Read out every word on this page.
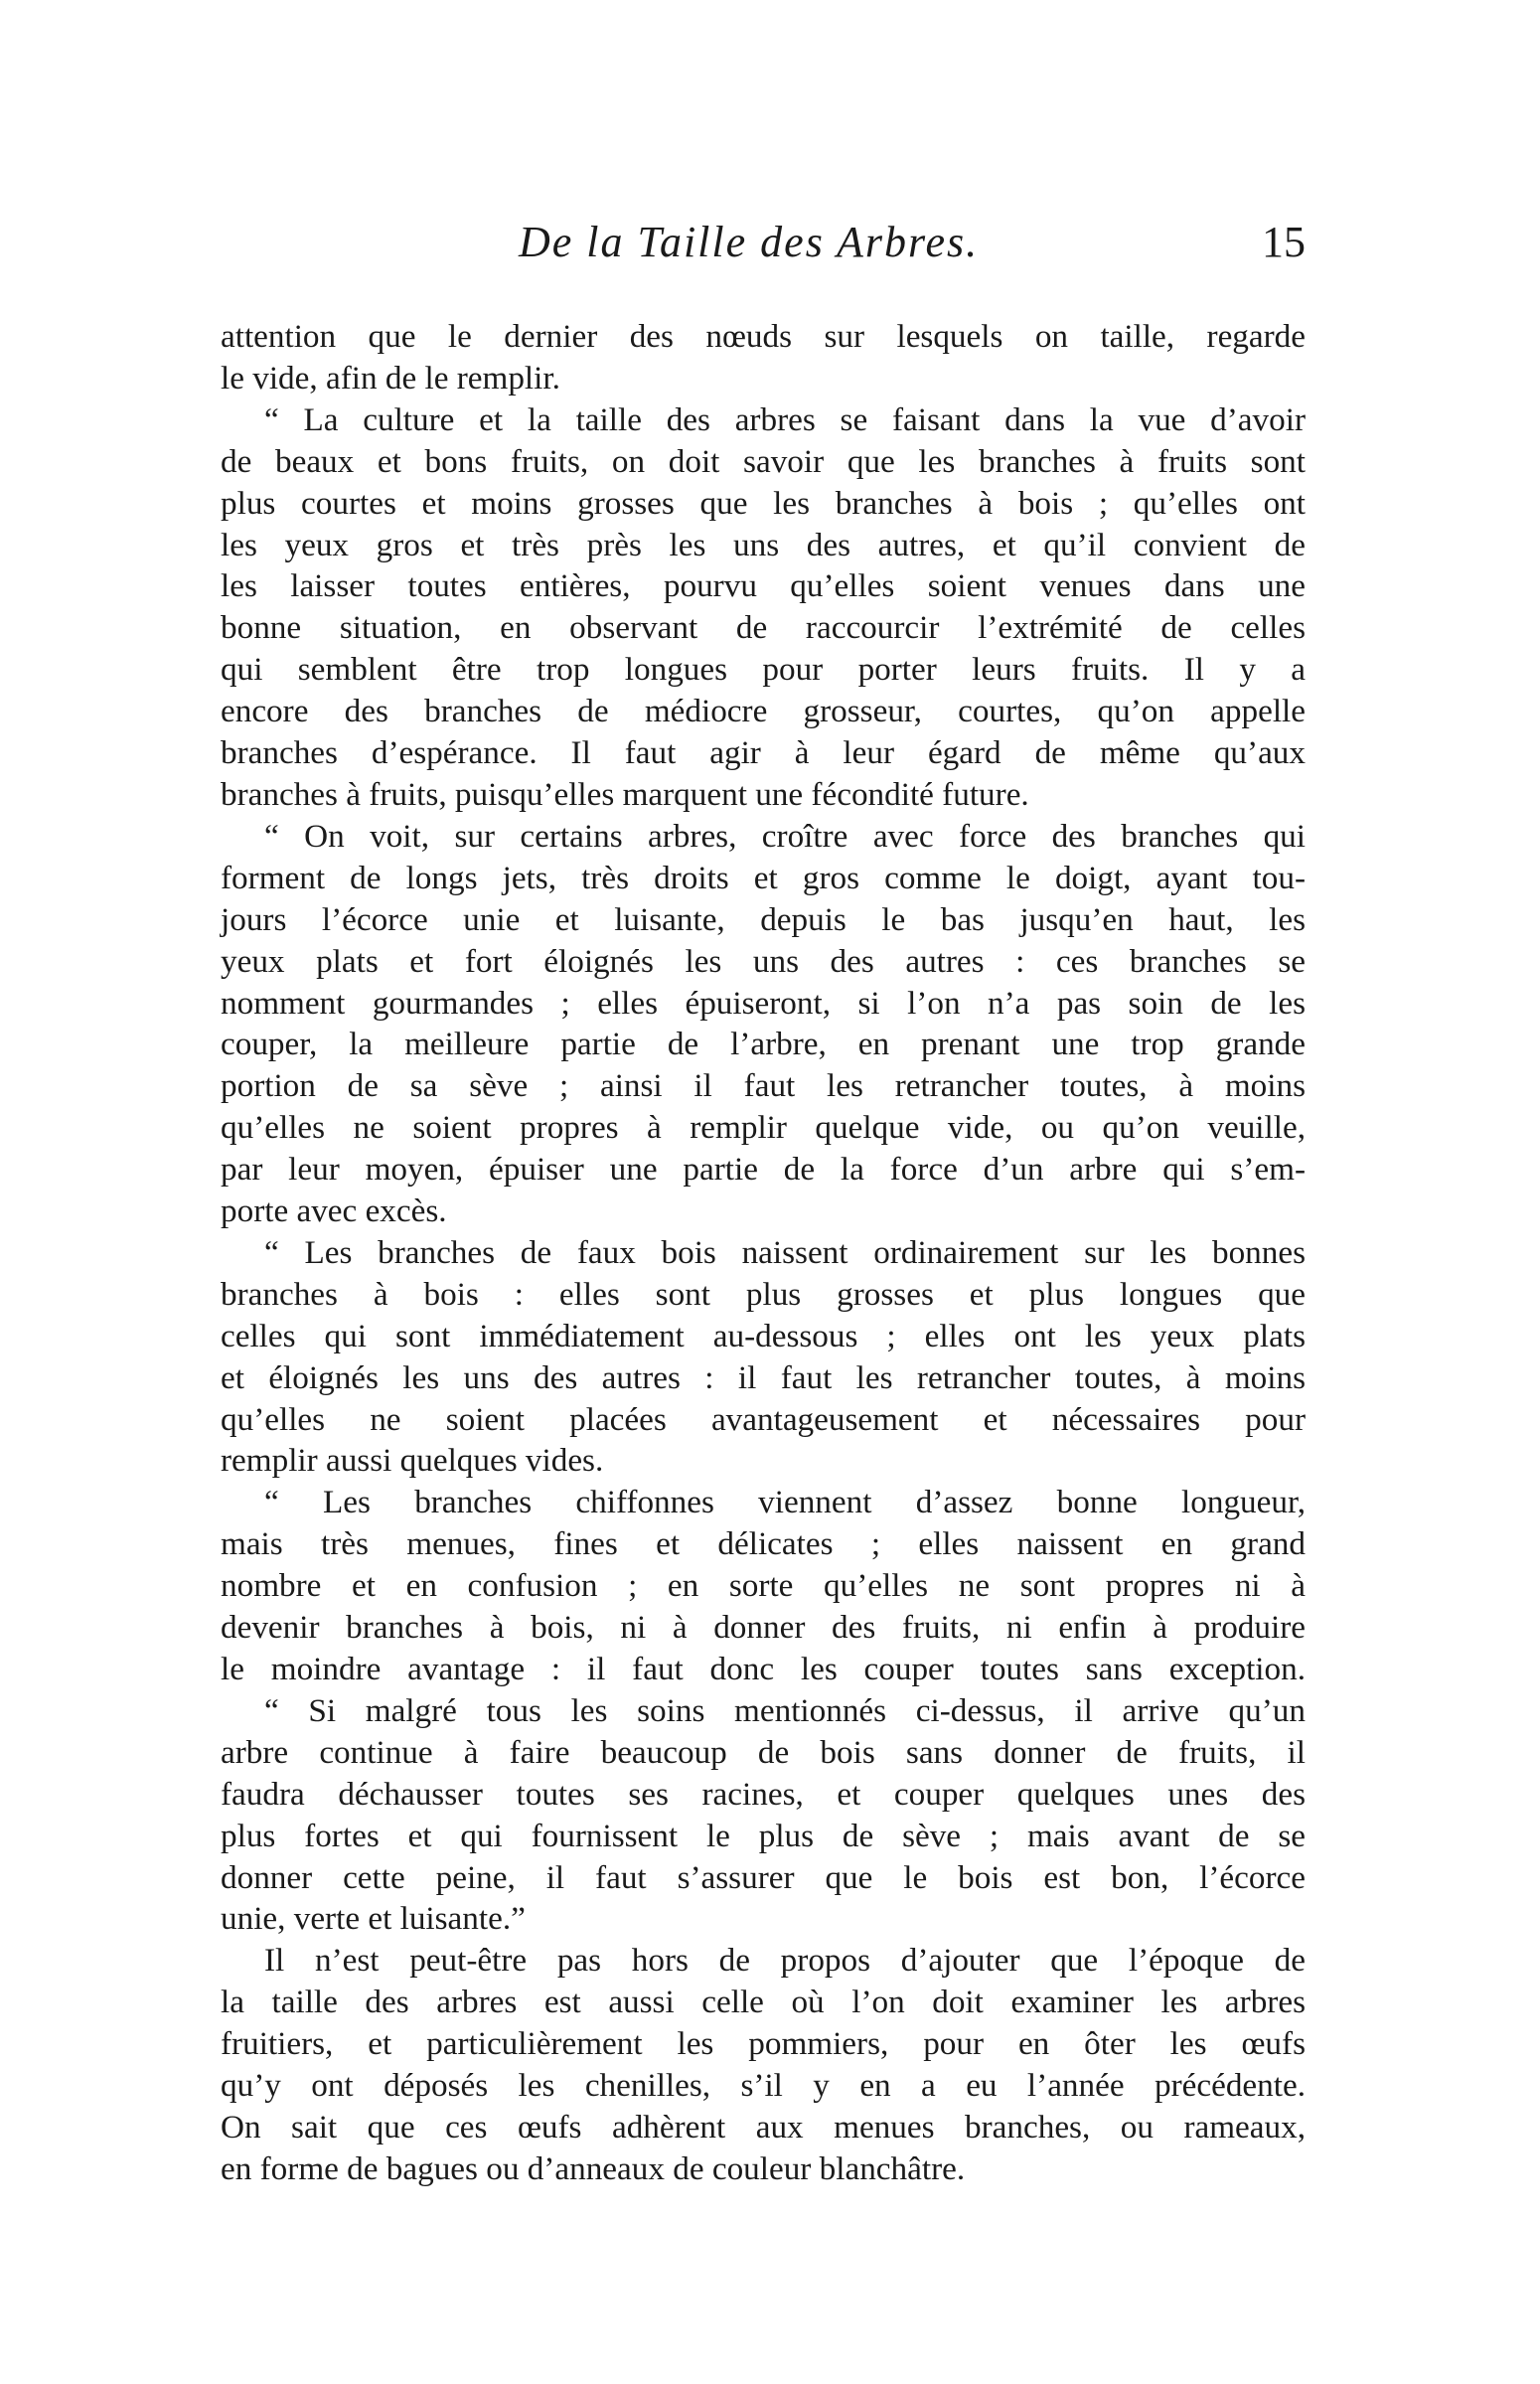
De la Taille des Arbres.	15
attention que le dernier des nœuds sur lesquels on taille, regarde
le vide, afin de le remplir.
“ La culture et la taille des arbres se faisant dans la vue d’avoir
de beaux et bons fruits, on doit savoir que les branches à fruits sont
plus courtes et moins grosses que les branches à bois ; qu’elles ont
les yeux gros et très près les uns des autres, et qu’il convient de
les laisser toutes entières, pourvu qu’elles soient venues dans une
bonne situation, en observant de raccourcir l’extrémité de celles
qui semblent être trop longues pour porter leurs fruits. Il y a
encore des branches de médiocre grosseur, courtes, qu’on appelle
branches d’espérance. Il faut agir à leur égard de même qu’aux
branches à fruits, puisqu’elles marquent une fécondité future.
“ On voit, sur certains arbres, croître avec force des branches qui
forment de longs jets, très droits et gros comme le doigt, ayant tou-
jours l’écorce unie et luisante, depuis le bas jusqu’en haut, les
yeux plats et fort éloignés les uns des autres : ces branches se
nomment gourmandes ; elles épuiseront, si l’on n’a pas soin de les
couper, la meilleure partie de l’arbre, en prenant une trop grande
portion de sa sève ; ainsi il faut les retrancher toutes, à moins
qu’elles ne soient propres à remplir quelque vide, ou qu’on veuille,
par leur moyen, épuiser une partie de la force d’un arbre qui s’em-
porte avec excès.
“ Les branches de faux bois naissent ordinairement sur les bonnes
branches à bois : elles sont plus grosses et plus longues que
celles qui sont immédiatement au-dessous ; elles ont les yeux plats
et éloignés les uns des autres : il faut les retrancher toutes, à moins
qu’elles ne soient placées avantageusement et nécessaires pour
remplir aussi quelques vides.
“ Les branches chiffonnes viennent d’assez bonne longueur,
mais très menues, fines et délicates ; elles naissent en grand
nombre et en confusion ; en sorte qu’elles ne sont propres ni à
devenir branches à bois, ni à donner des fruits, ni enfin à produire
le moindre avantage : il faut donc les couper toutes sans exception.
“ Si malgré tous les soins mentionnés ci-dessus, il arrive qu’un
arbre continue à faire beaucoup de bois sans donner de fruits, il
faudra déchausser toutes ses racines, et couper quelques unes des
plus fortes et qui fournissent le plus de sève ; mais avant de se
donner cette peine, il faut s’assurer que le bois est bon, l’écorce
unie, verte et luisante.”
Il n’est peut-être pas hors de propos d’ajouter que l’époque de
la taille des arbres est aussi celle où l’on doit examiner les arbres
fruitiers, et particulièrement les pommiers, pour en ôter les œufs
qu’y ont déposés les chenilles, s’il y en a eu l’année précédente.
On sait que ces œufs adhèrent aux menues branches, ou rameaux,
en forme de bagues ou d’anneaux de couleur blanchâtre.
